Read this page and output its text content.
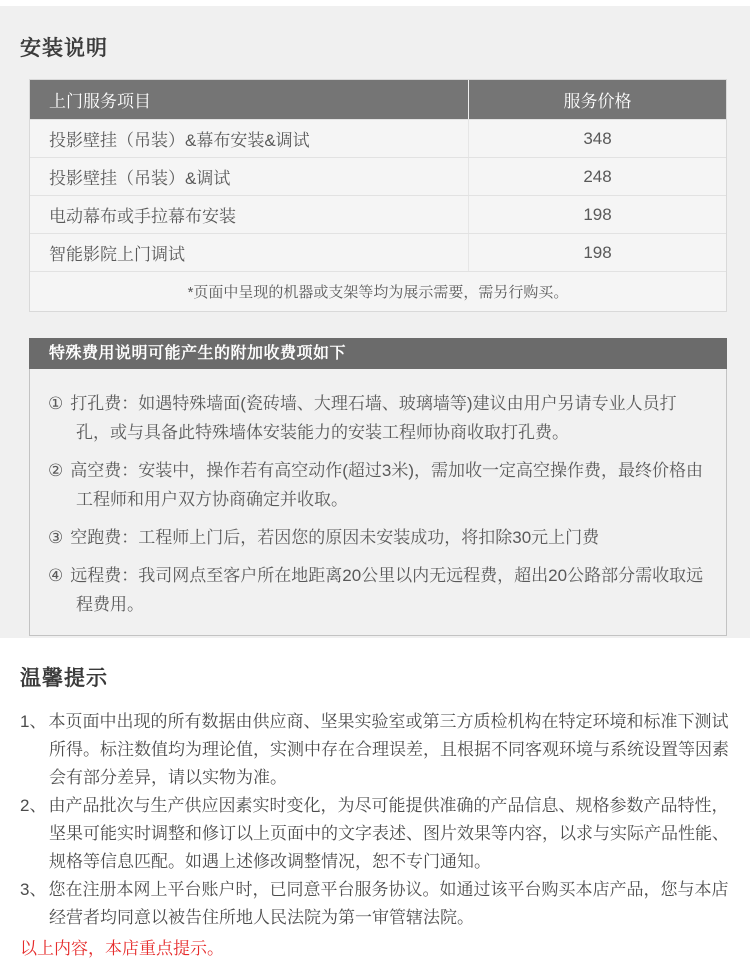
安装说明
上门服务项目	服务价格
投影壁挂（吊装）&幕布安装&调试	348
投影壁挂（吊装）&调试	248
电动幕布或手拉幕布安装	198
智能影院上门调试	198
*页面中呈现的机器或支架等均为展示需要，需另行购买。
特殊费用说明可能产生的附加收费项如下
① 打孔费：如遇特殊墙面(瓷砖墙、大理石墙、玻璃墙等)建议由用户另请专业人员打孔，或与具备此特殊墙体安装能力的安装工程师协商收取打孔费。
② 高空费：安装中，操作若有高空动作(超过3米)，需加收一定高空操作费，最终价格由工程师和用户双方协商确定并收取。
③ 空跑费：工程师上门后，若因您的原因未安装成功，将扣除30元上门费
④ 远程费：我司网点至客户所在地距离20公里以内无远程费，超出20公路部分需收取远程费用。
温馨提示
1、 本页面中出现的所有数据由供应商、坚果实验室或第三方质检机构在特定环境和标准下测试所得。标注数值均为理论值，实测中存在合理误差，且根据不同客观环境与系统设置等因素会有部分差异，请以实物为准。
2、 由产品批次与生产供应因素实时变化，为尽可能提供准确的产品信息、规格参数产品特性，坚果可能实时调整和修订以上页面中的文字表述、图片效果等内容，以求与实际产品性能、规格等信息匹配。如遇上述修改调整情况，恕不专门通知。
3、 您在注册本网上平台账户时，已同意平台服务协议。如通过该平台购买本店产品，您与本店经营者均同意以被告住所地人民法院为第一审管辖法院。
以上内容，本店重点提示。
